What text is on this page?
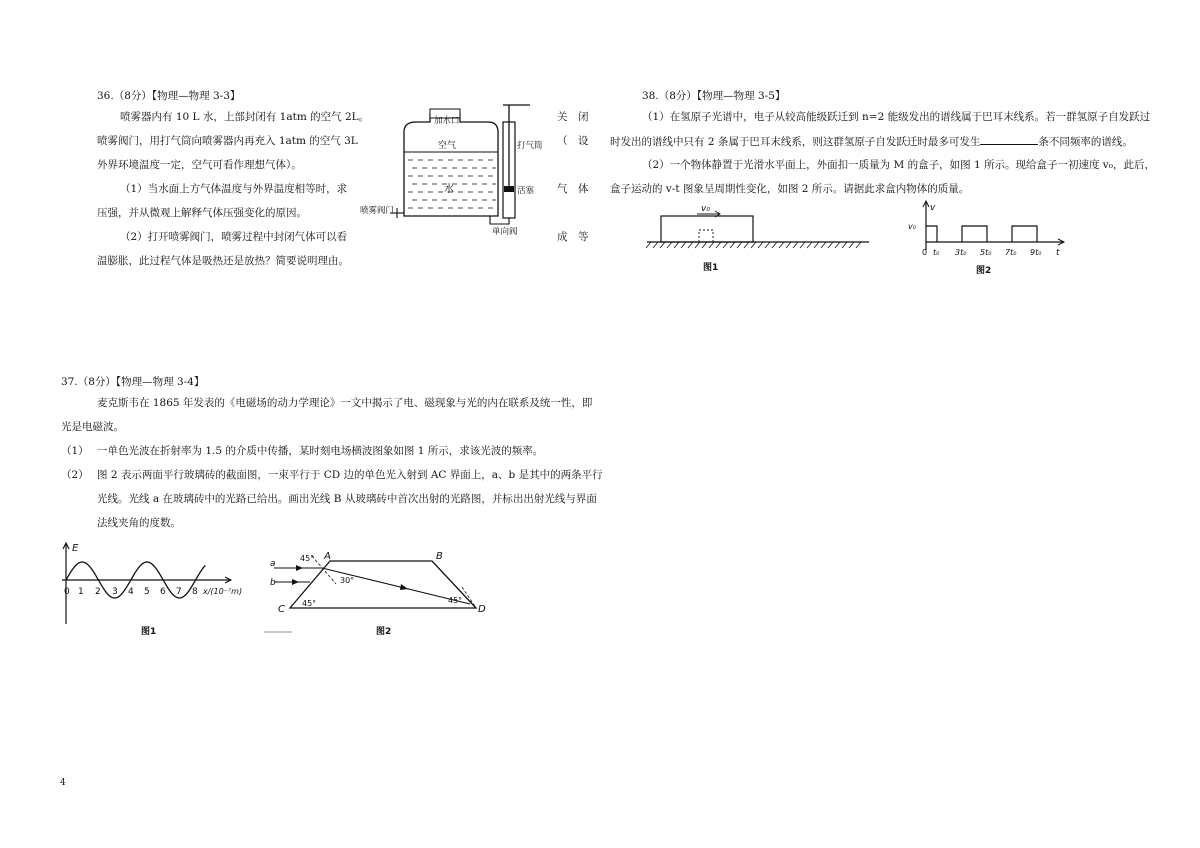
36.（8分）【物理—物理 3-3】
喷雾器内有 10 L 水，上部封闭有 1atm 的空气 2L。
喷雾阀门，用打气筒向喷雾器内再充入 1atm 的空气 3L
外界环境温度一定，空气可看作理想气体）。
（1）当水面上方气体温度与外界温度相等时，求
压强，并从微观上解释气体压强变化的原因。
（2）打开喷雾阀门，喷雾过程中封闭气体可以看
温膨胀，此过程气体是吸热还是放热？简要说明理由。
关　闭
（　设
气　体
成　等
加水口
空气
水
打气筒
活塞
喷雾阀门
单向阀
37.（8分）【物理—物理 3-4】
麦克斯韦在 1865 年发表的《电磁场的动力学理论》一文中揭示了电、磁现象与光的内在联系及统一性，即
光是电磁波。
（1） 一单色光波在折射率为 1.5 的介质中传播，某时刻电场横波图象如图 1 所示，求该光波的频率。
（2） 图 2 表示两面平行玻璃砖的截面图，一束平行于 CD 边的单色光入射到 AC 界面上，a、b 是其中的两条平行
光线。光线 a 在玻璃砖中的光路已给出。画出光线 B 从玻璃砖中首次出射的光路图，并标出出射光线与界面
法线夹角的度数。
E
0 1 2 3 4 5 6 7 8 x/(10⁻⁷m)
图1
A	B
C	D
a
b
45°
30°
45°	45°
图2
38.（8分）【物理—物理 3-5】
（1）在氢原子光谱中，电子从较高能级跃迁到 n=2 能级发出的谱线属于巴耳末线系。若一群氢原子自发跃过
时发出的谱线中只有 2 条属于巴耳末线系，则这群氢原子自发跃迁时最多可发生	条不同频率的谱线。
（2）一个物体静置于光滑水平面上，外面扣一质量为 M 的盒子，如图 1 所示。现给盒子一初速度 v₀，此后，
盒子运动的 v-t 图象呈周期性变化，如图 2 所示。请据此求盒内物体的质量。
v₀
图1
v
v₀
t
0 t₀ 3t₀ 5t₀ 7t₀ 9t₀
图2
4
